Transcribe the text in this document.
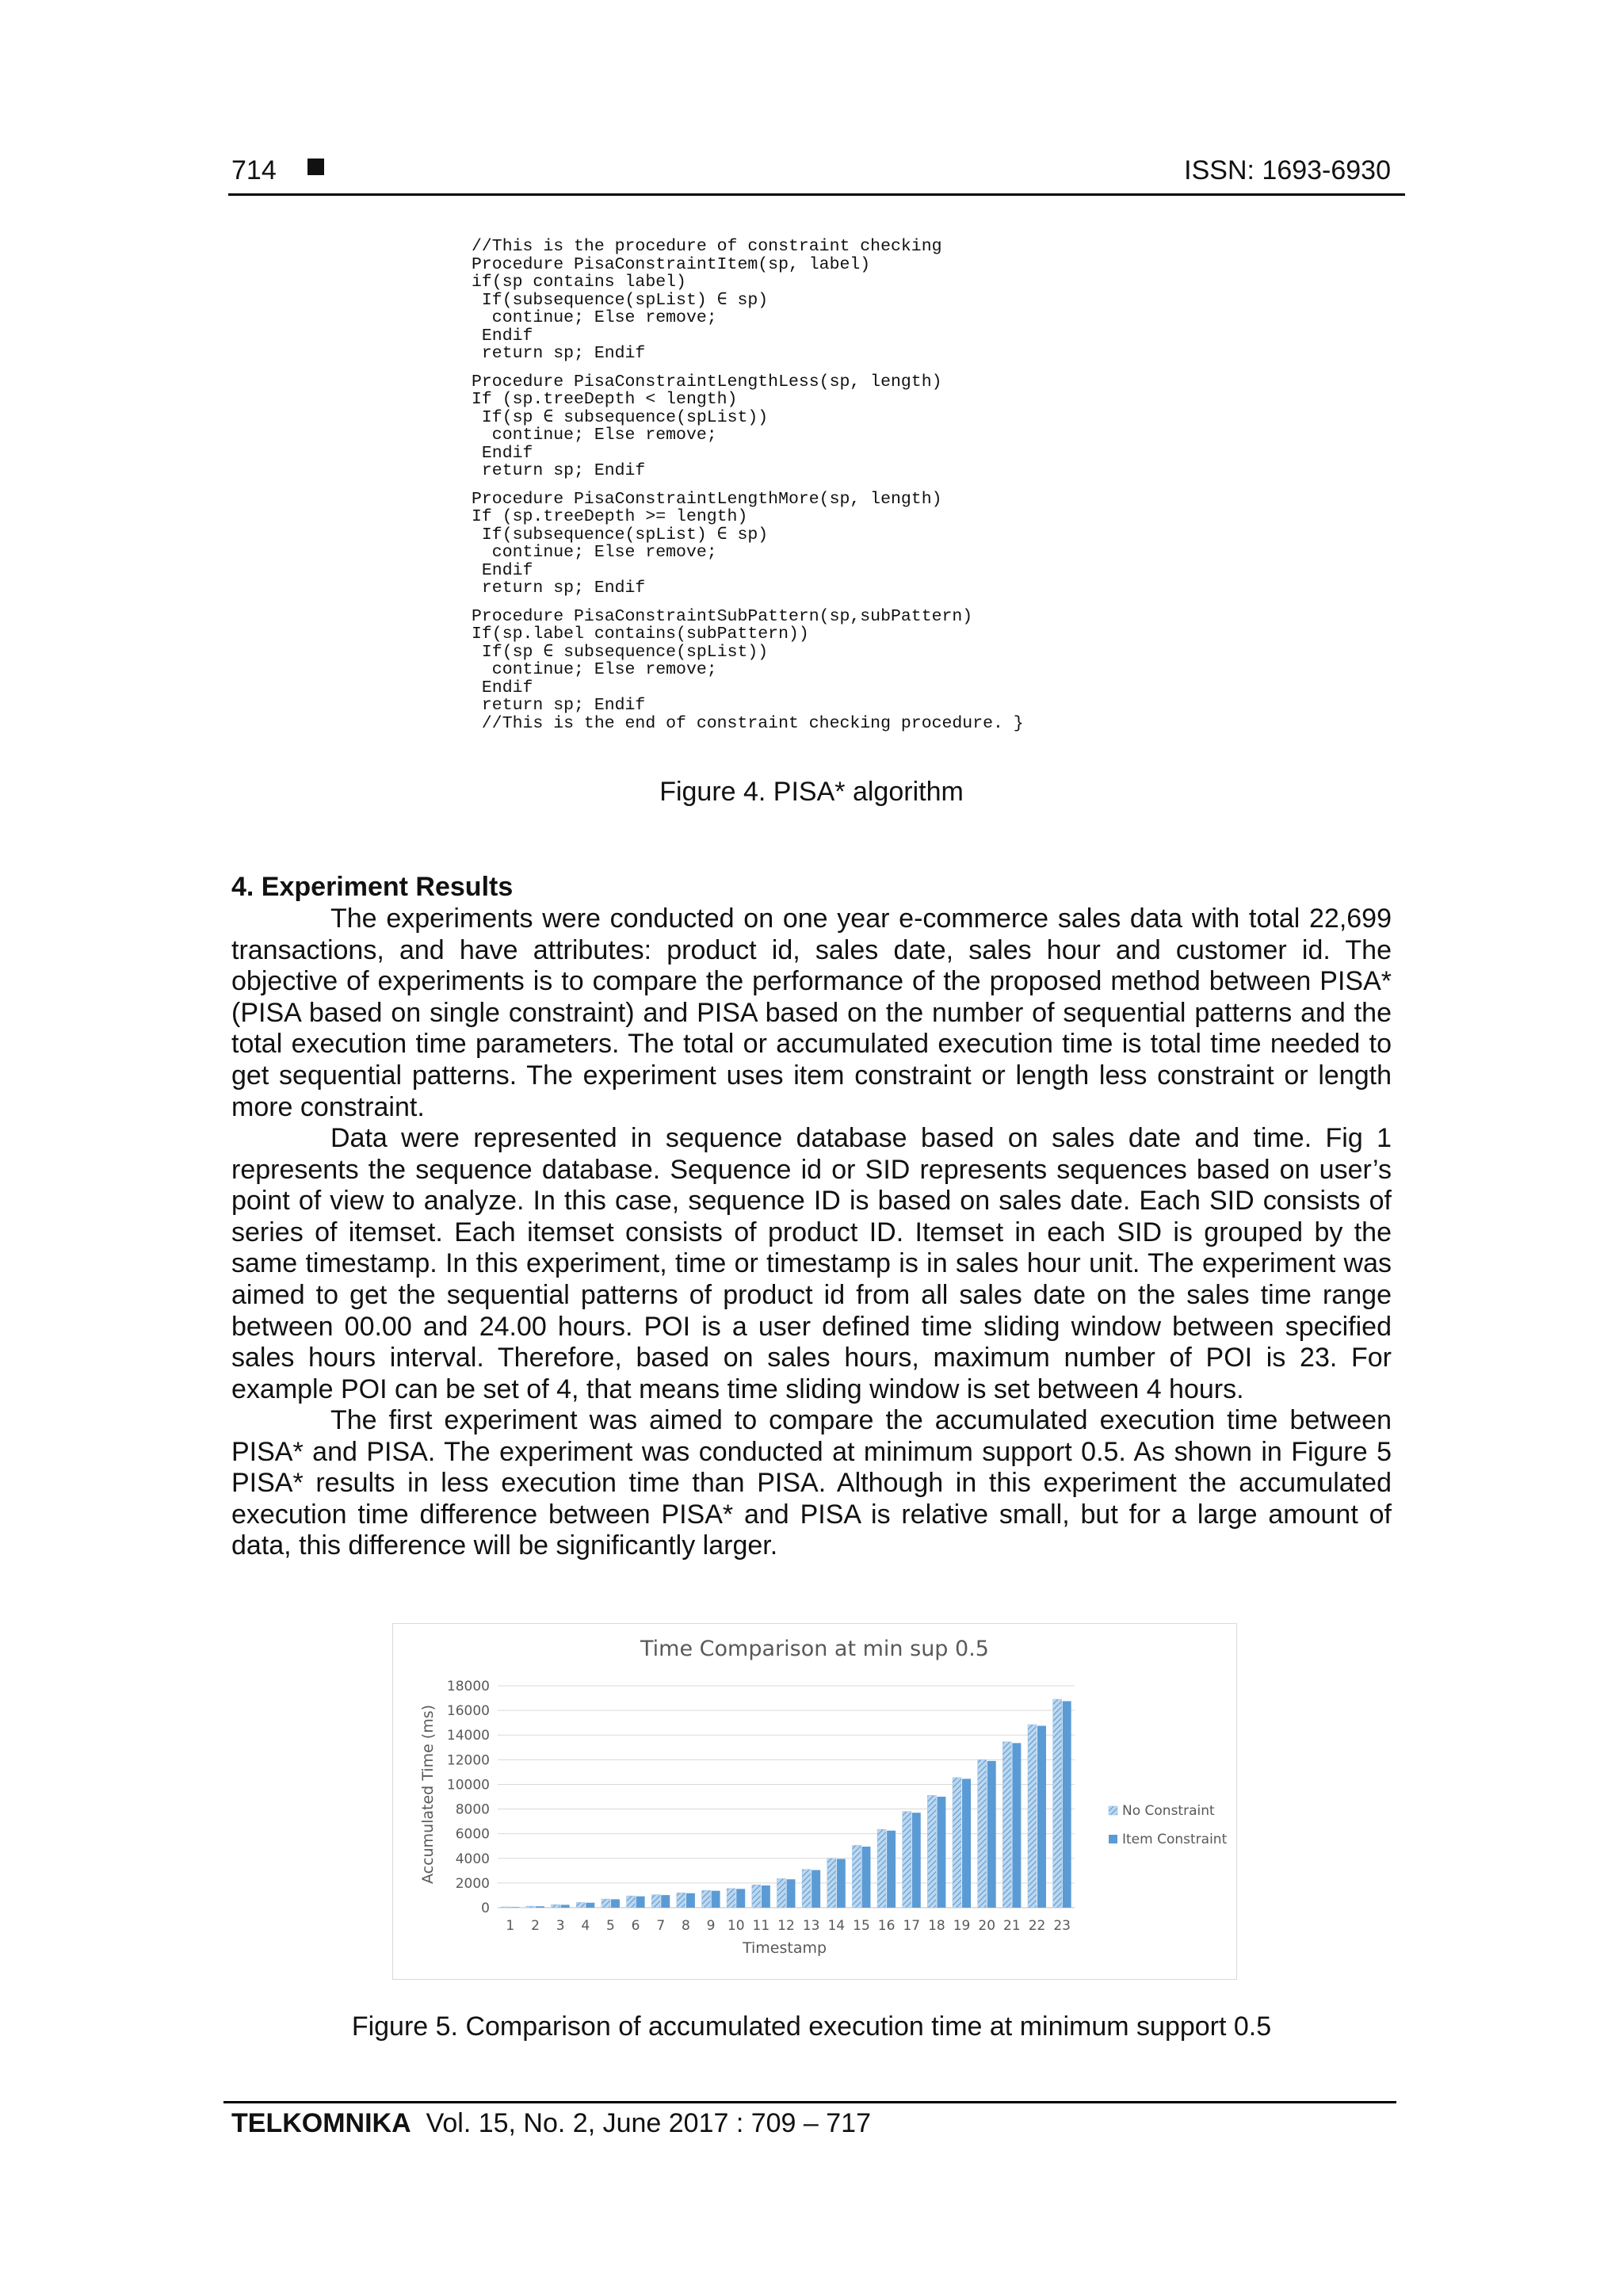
714	ISSN: 1693-6930
//This is the procedure of constraint checking
Procedure PisaConstraintItem(sp, label)
if(sp contains label)
If(subsequence(spList) ∈ sp)
continue; Else remove;
Endif
return sp; Endif
Procedure PisaConstraintLengthLess(sp, length)
If (sp.treeDepth < length)
If(sp ∈ subsequence(spList))
continue; Else remove;
Endif
return sp; Endif
Procedure PisaConstraintLengthMore(sp, length)
If (sp.treeDepth >= length)
If(subsequence(spList) ∈ sp)
continue; Else remove;
Endif
return sp; Endif
Procedure PisaConstraintSubPattern(sp,subPattern)
If(sp.label contains(subPattern))
If(sp ∈ subsequence(spList))
continue; Else remove;
Endif
return sp; Endif
//This is the end of constraint checking procedure. }
Figure 4. PISA* algorithm
4. Experiment Results

The experiments were conducted on one year e-commerce sales data with total 22,699 transactions, and have attributes: product id, sales date, sales hour and customer id. The objective of experiments is to compare the performance of the proposed method between PISA* (PISA based on single constraint) and PISA based on the number of sequential patterns and the total execution time parameters. The total or accumulated execution time is total time needed to get sequential patterns. The experiment uses item constraint or length less constraint or length more constraint.

Data were represented in sequence database based on sales date and time. Fig 1 represents the sequence database. Sequence id or SID represents sequences based on user’s point of view to analyze. In this case, sequence ID is based on sales date. Each SID consists of series of itemset. Each itemset consists of product ID. Itemset in each SID is grouped by the same timestamp. In this experiment, time or timestamp is in sales hour unit. The experiment was aimed to get the sequential patterns of product id from all sales date on the sales time range between 00.00 and 24.00 hours. POI is a user defined time sliding window between specified sales hours interval. Therefore, based on sales hours, maximum number of POI is 23. For example POI can be set of 4, that means time sliding window is set between 4 hours.

The first experiment was aimed to compare the accumulated execution time between PISA* and PISA. The experiment was conducted at minimum support 0.5. As shown in Figure 5 PISA* results in less execution time than PISA. Although in this experiment the accumulated execution time difference between PISA* and PISA is relative small, but for a large amount of data, this difference will be significantly larger.

Time Comparison at min sup 0.5
Accumulated Time (ms)
Timestamp
0
2000
4000
6000
8000
10000
12000
14000
16000
18000
1 2 3 4 5 6 7 8 9 10 11 12 13 14 15 16 17 18 19 20 21 22 23
No Constraint
Item Constraint
Figure 5. Comparison of accumulated execution time at minimum support 0.5
TELKOMNIKA Vol. 15, No. 2, June 2017 : 709 – 717
